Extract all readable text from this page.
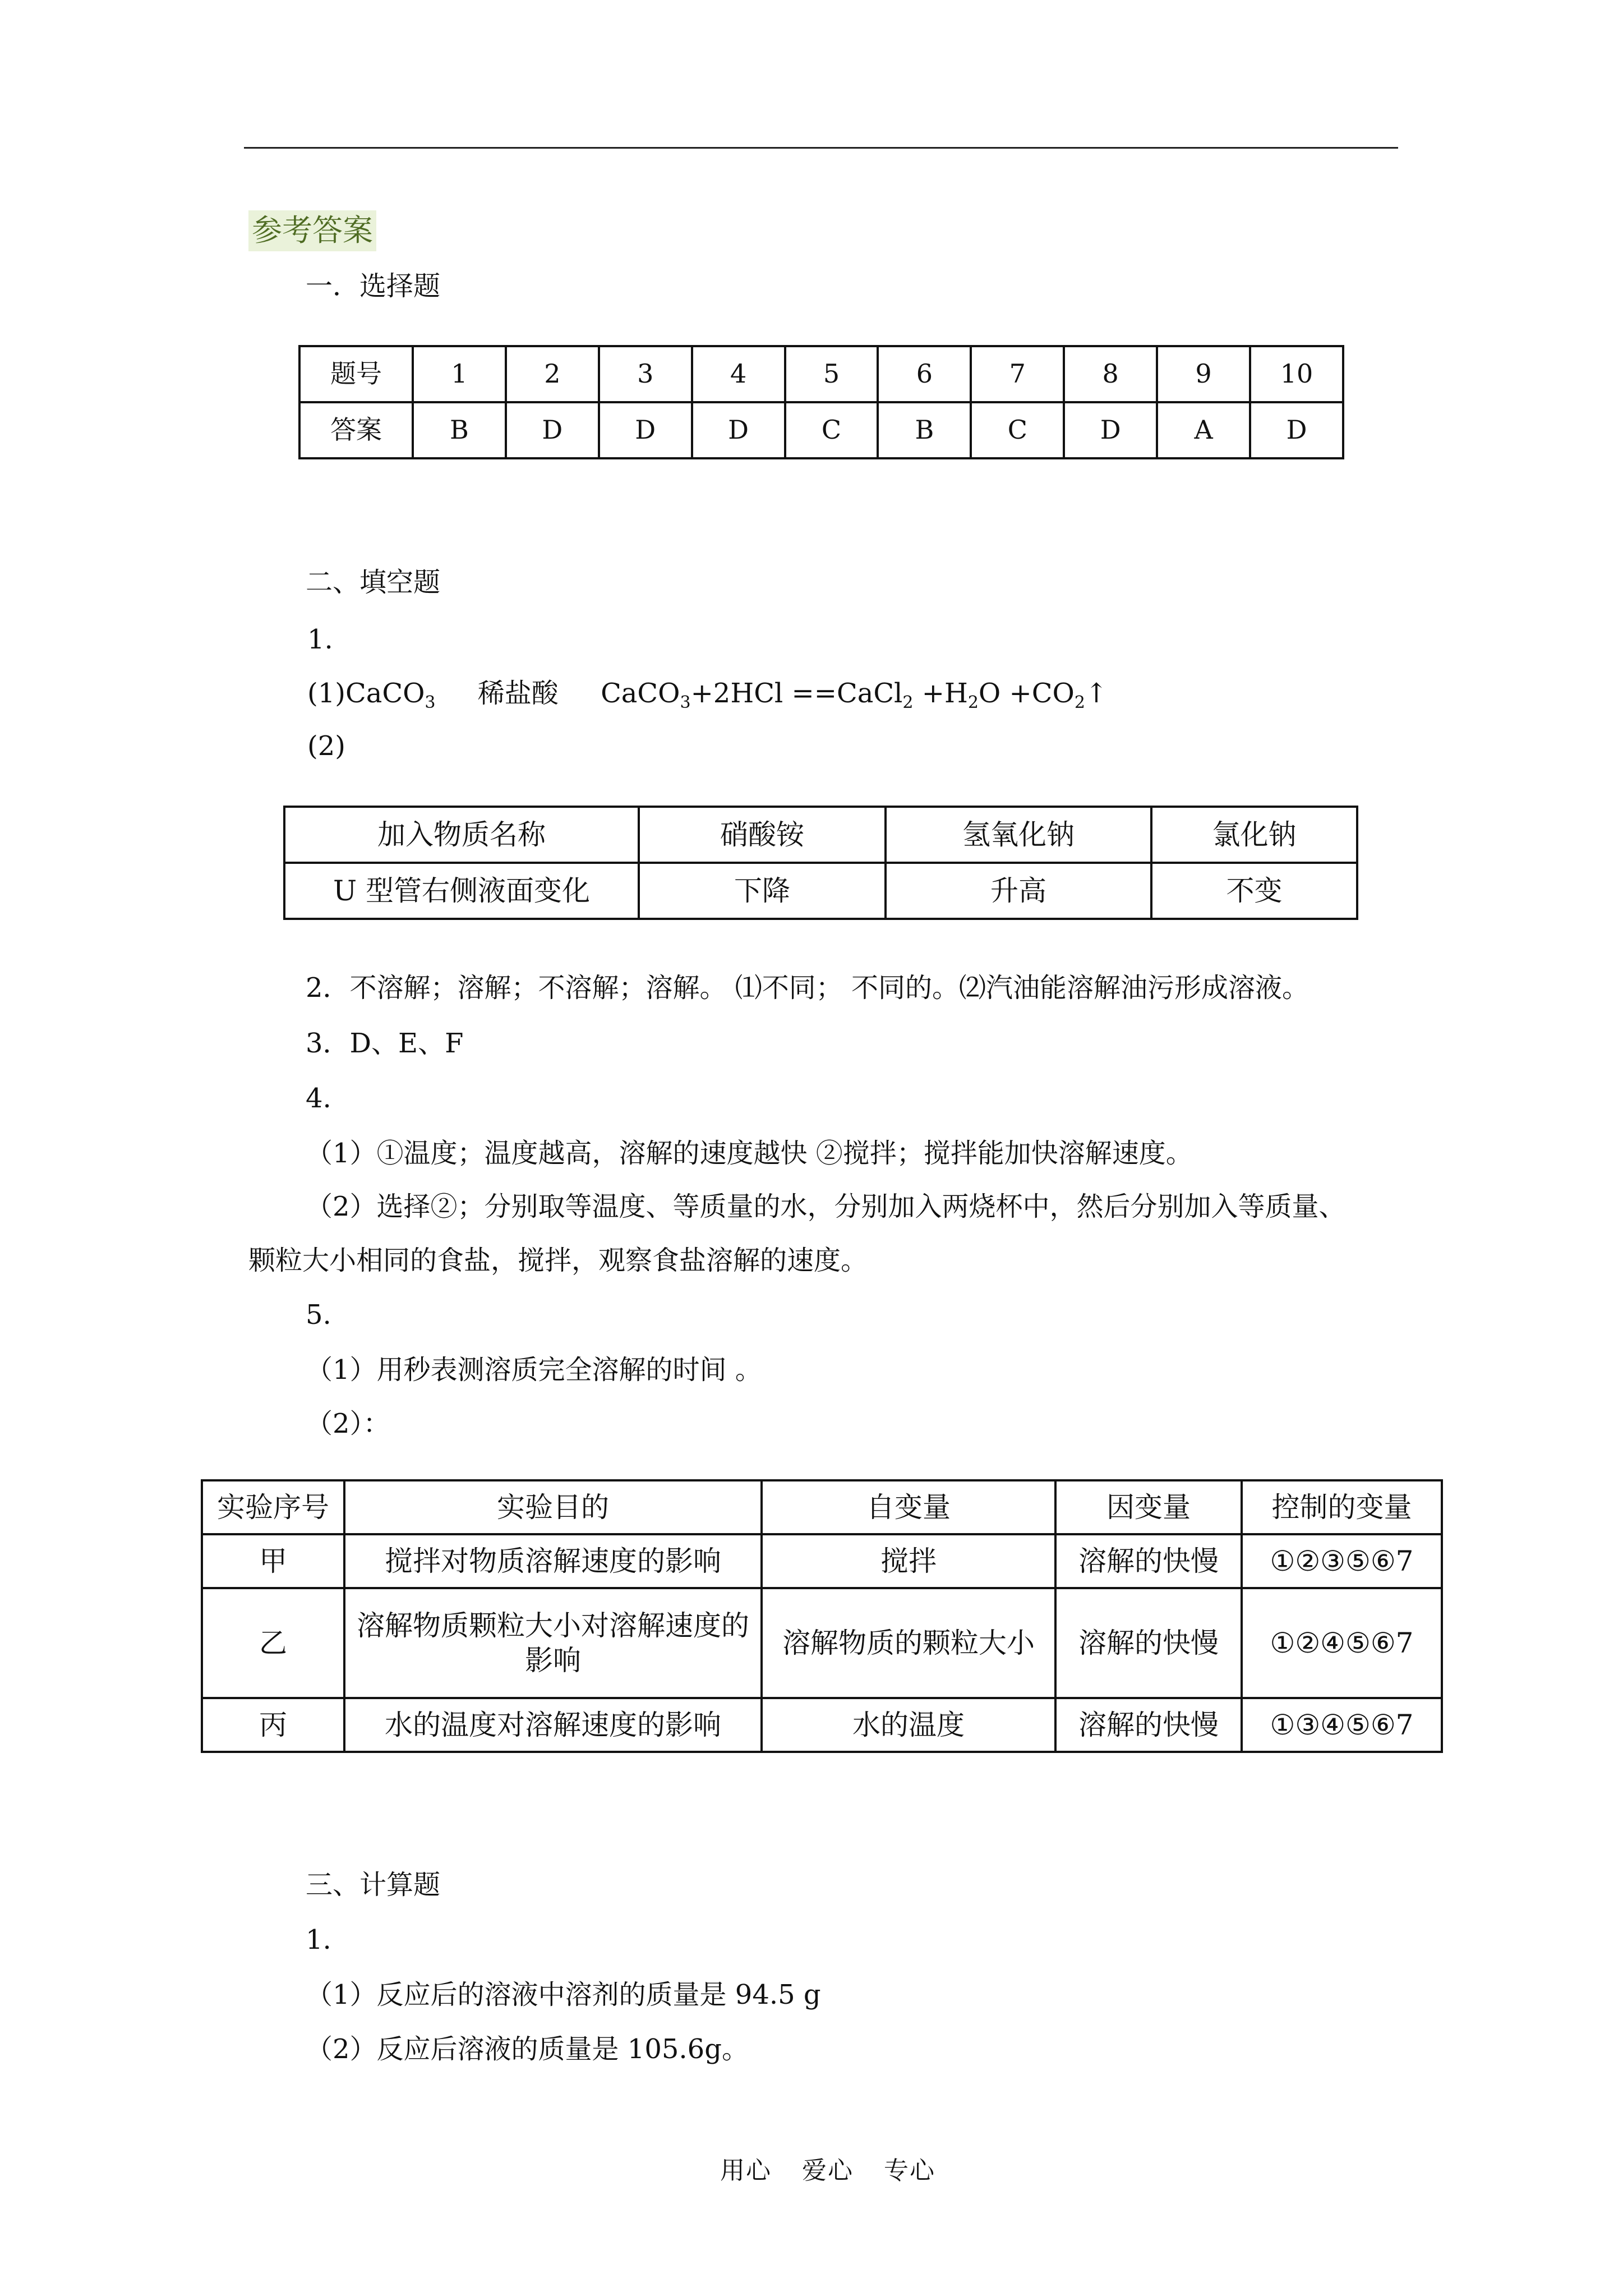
参考答案
一．选择题
题号	1	2	3	4	5	6	7	8	9	10
答案	B	D	D	D	C	B	C	D	A	D
二、填空题
1.
(1)CaCO$_3$ 稀盐酸 CaCO$_3$+2HCl ==CaCl$_2$ $+H_2O$ $+CO_2↑$
(2)
加入物质名称	硝酸铵	氢氧化钠	氯化钠
U 型管右侧液面变化	下降	升高	不变
2．不溶解；溶解；不溶解；溶解。 ⑴不同； 不同的。⑵汽油能溶解油污形成溶液。
3．D、E、F
4.
（1）①温度；温度越高，溶解的速度越快 ②搅拌；搅拌能加快溶解速度。
（2）选择②；分别取等温度、等质量的水，分别加入两烧杯中，然后分别加入等质量、
颗粒大小相同的食盐，搅拌，观察食盐溶解的速度。
5.
（1）用秒表测溶质完全溶解的时间 。
（2）：
实验序号	实验目的	自变量	因变量	控制的变量
甲	搅拌对物质溶解速度的影响	搅拌	溶解的快慢	①②③⑤⑥7
乙	溶解物质颗粒大小对溶解速度的影响	溶解物质的颗粒大小	溶解的快慢	①②④⑤⑥7
丙	水的温度对溶解速度的影响	水的温度	溶解的快慢	①③④⑤⑥7
三、计算题
1.
（1）反应后的溶液中溶剂的质量是 94.5 g
（2）反应后溶液的质量是 105.6g。
用心 爱心 专心
